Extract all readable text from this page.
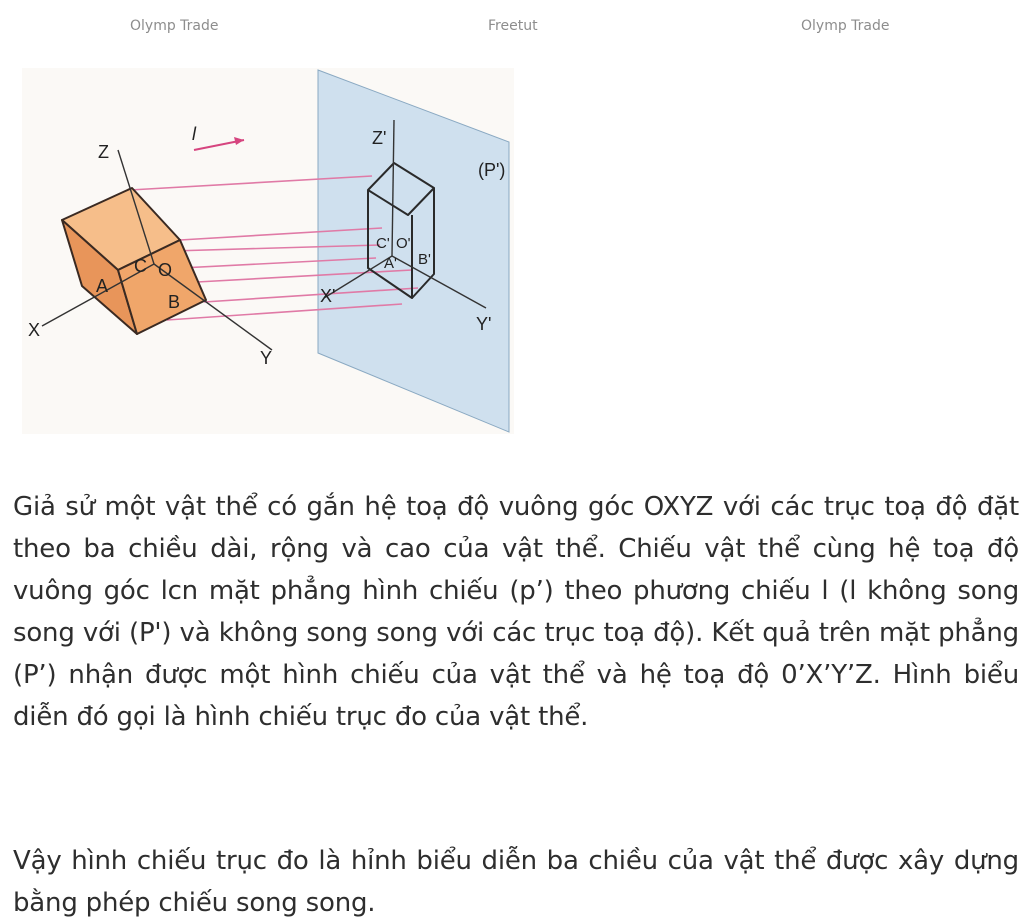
Olymp Trade	Freetut	Olymp Trade
Z
l
X
Y
A
B
C O
Z'
(P')
X'
Y'
A' B'
C' O'

Giả sử một vật thể có gắn hệ toạ độ vuông góc OXYZ với các trục toạ độ đặt theo ba chiều dài, rộng và cao của vật thể. Chiếu vật thể cùng hệ toạ độ vuông góc lcn mặt phẳng hình chiếu (p’) theo phương chiếu l (l không song song với (P') và không song song với các trục toạ độ). Kết quả trên mặt phẳng (P’) nhận được một hình chiếu của vật thể và hệ toạ độ 0’X’Y’Z. Hình biểu diễn đó gọi là hình chiếu trục đo của vật thể.

Vậy hình chiếu trục đo là hỉnh biểu diễn ba chiều của vật thể được xây dựng bằng phép chiếu song song.
